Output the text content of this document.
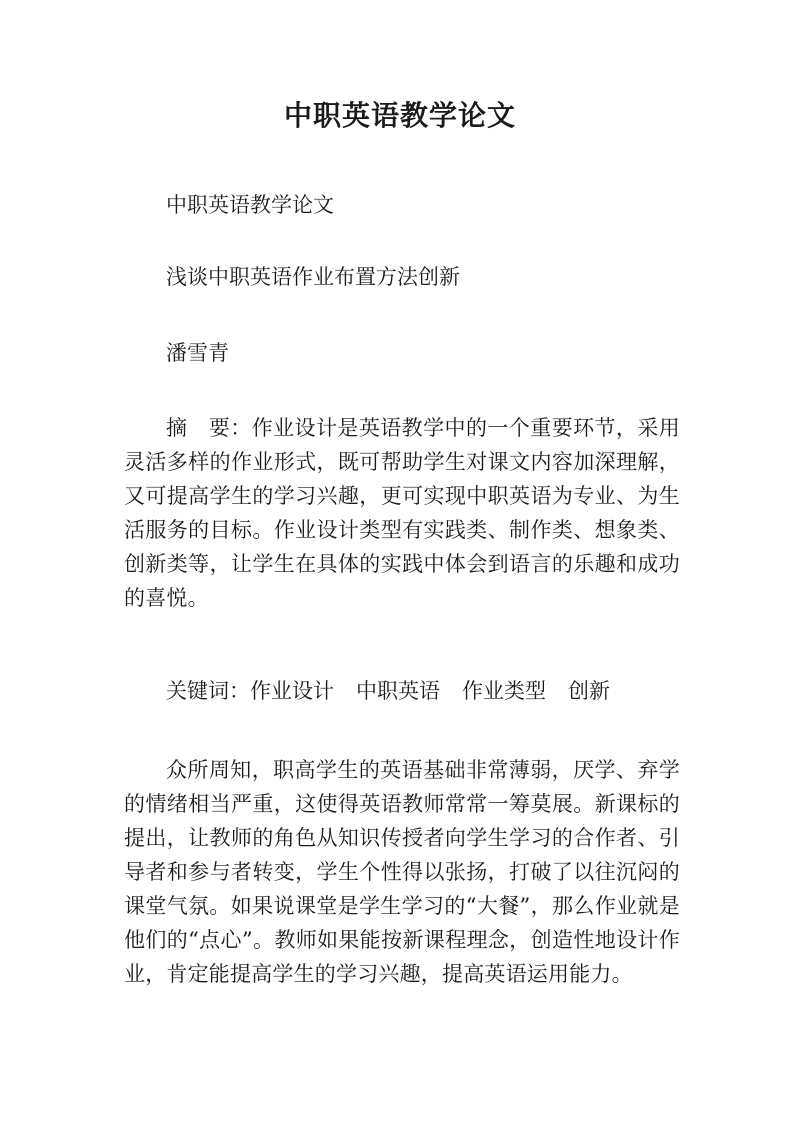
中职英语教学论文
中职英语教学论文
浅谈中职英语作业布置方法创新
潘雪青
摘　要：作业设计是英语教学中的一个重要环节，采用灵活多样的作业形式，既可帮助学生对课文内容加深理解，又可提高学生的学习兴趣，更可实现中职英语为专业、为生活服务的目标。作业设计类型有实践类、制作类、想象类、创新类等，让学生在具体的实践中体会到语言的乐趣和成功的喜悦。
关键词：作业设计 中职英语 作业类型 创新
众所周知，职高学生的英语基础非常薄弱，厌学、弃学的情绪相当严重，这使得英语教师常常一筹莫展。新课标的提出，让教师的角色从知识传授者向学生学习的合作者、引导者和参与者转变，学生个性得以张扬，打破了以往沉闷的课堂气氛。如果说课堂是学生学习的“大餐”，那么作业就是他们的“点心”。教师如果能按新课程理念，创造性地设计作业，肯定能提高学生的学习兴趣，提高英语运用能力。
